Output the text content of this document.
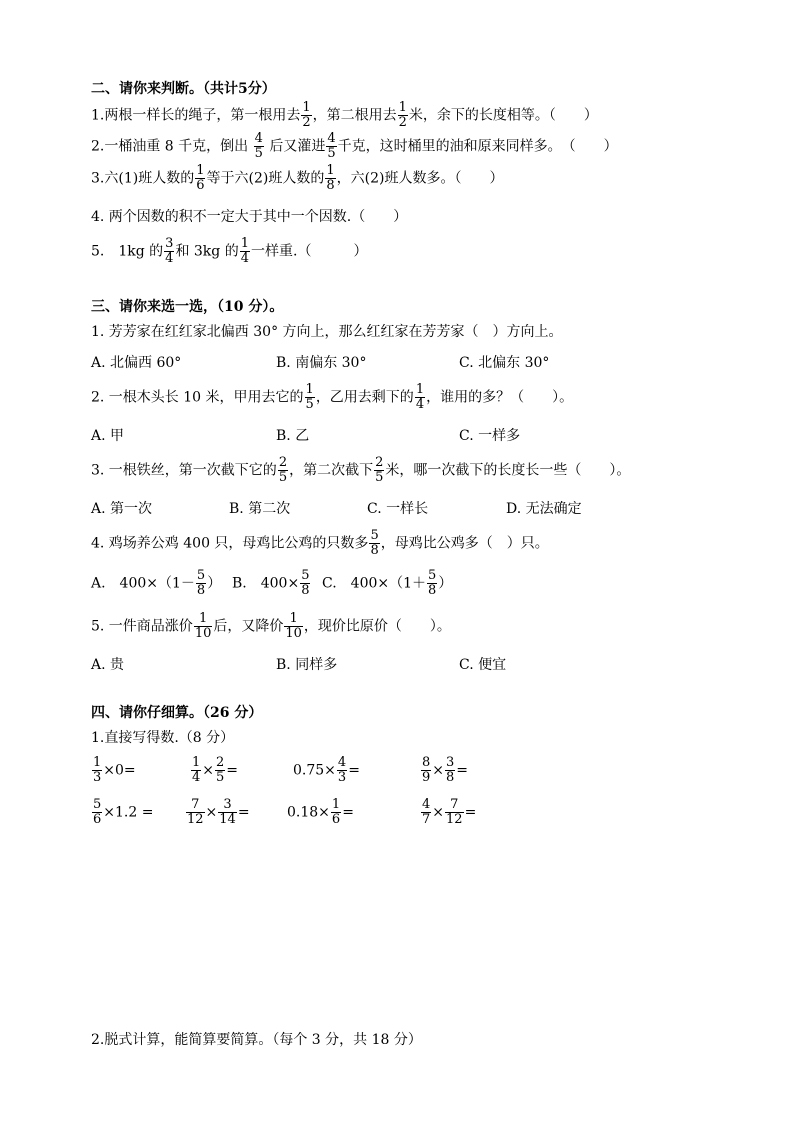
二、请你来判断。（共计5分）
1.两根一样长的绳子，第一根用去 $\frac{1}{2}$ ，第二根用去 $\frac{1}{2}$ 米，余下的长度相等。（　　）
2.一桶油重 8 千克，倒出 $\frac{4}{5}$ 后又灌进 $\frac{4}{5}$ 千克，这时桶里的油和原来同样多。　（　　）
3.六(1)班人数的 $\frac{1}{6}$ 等于六(2)班人数的 $\frac{1}{8}$ ，六(2)班人数多。（　　）
4. 两个因数的积不一定大于其中一个因数.（　　）
5.　1kg 的 $\frac{3}{4}$ 和 3kg 的 $\frac{1}{4}$ 一样重.（　　　）
三、请你来选一选，（10 分）。
1. 芳芳家在红红家北偏西 30° 方向上，那么红红家在芳芳家（　）方向上。
A. 北偏西 60°	B. 南偏东 30°	C. 北偏东 30°
2. 一根木头长 10 米，甲用去它的 $\frac{1}{5}$ ，乙用去剩下的 $\frac{1}{4}$ ，谁用的多？（　　）。
A. 甲	B. 乙	C. 一样多
3. 一根铁丝，第一次截下它的 $\frac{2}{5}$ ，第二次截下 $\frac{2}{5}$ 米，哪一次截下的长度长一些（　　）。
A. 第一次	B. 第二次	C. 一样长	D. 无法确定
4. 鸡场养公鸡 400 只，母鸡比公鸡的只数多 $\frac{5}{8}$ ，母鸡比公鸡多（　）只。
A.　$400\times(1- \frac{5}{8}$ ） B.　$400\times \frac{5}{8} C$.　$400\times(1+ \frac{5}{8}$ ）
5. 一件商品涨价 $\frac{1}{10}$ 后，又降价 $\frac{1}{10}$ ，现价比原价（　　）。
A. 贵	B. 同样多	C. 便宜
四、请你仔细算。（26 分）
1.直接写得数.（8 分）
$\frac{1}{3} \times 0=$	$\frac{1}{4} \times \frac{2}{5}$ =	$0.75\times \frac{4}{3}$ =	$\frac{8}{9} \times \frac{3}{8}$ =
$\frac{5}{6} \times 1.2$ =	$\frac{7}{12} \times \frac{3}{14}$ =	$0.18\times \frac{1}{6}$ =	$\frac{4}{7} \times \frac{7}{12}$ =
2.脱式计算，能简算要简算。（每个 3 分，共 18 分）
